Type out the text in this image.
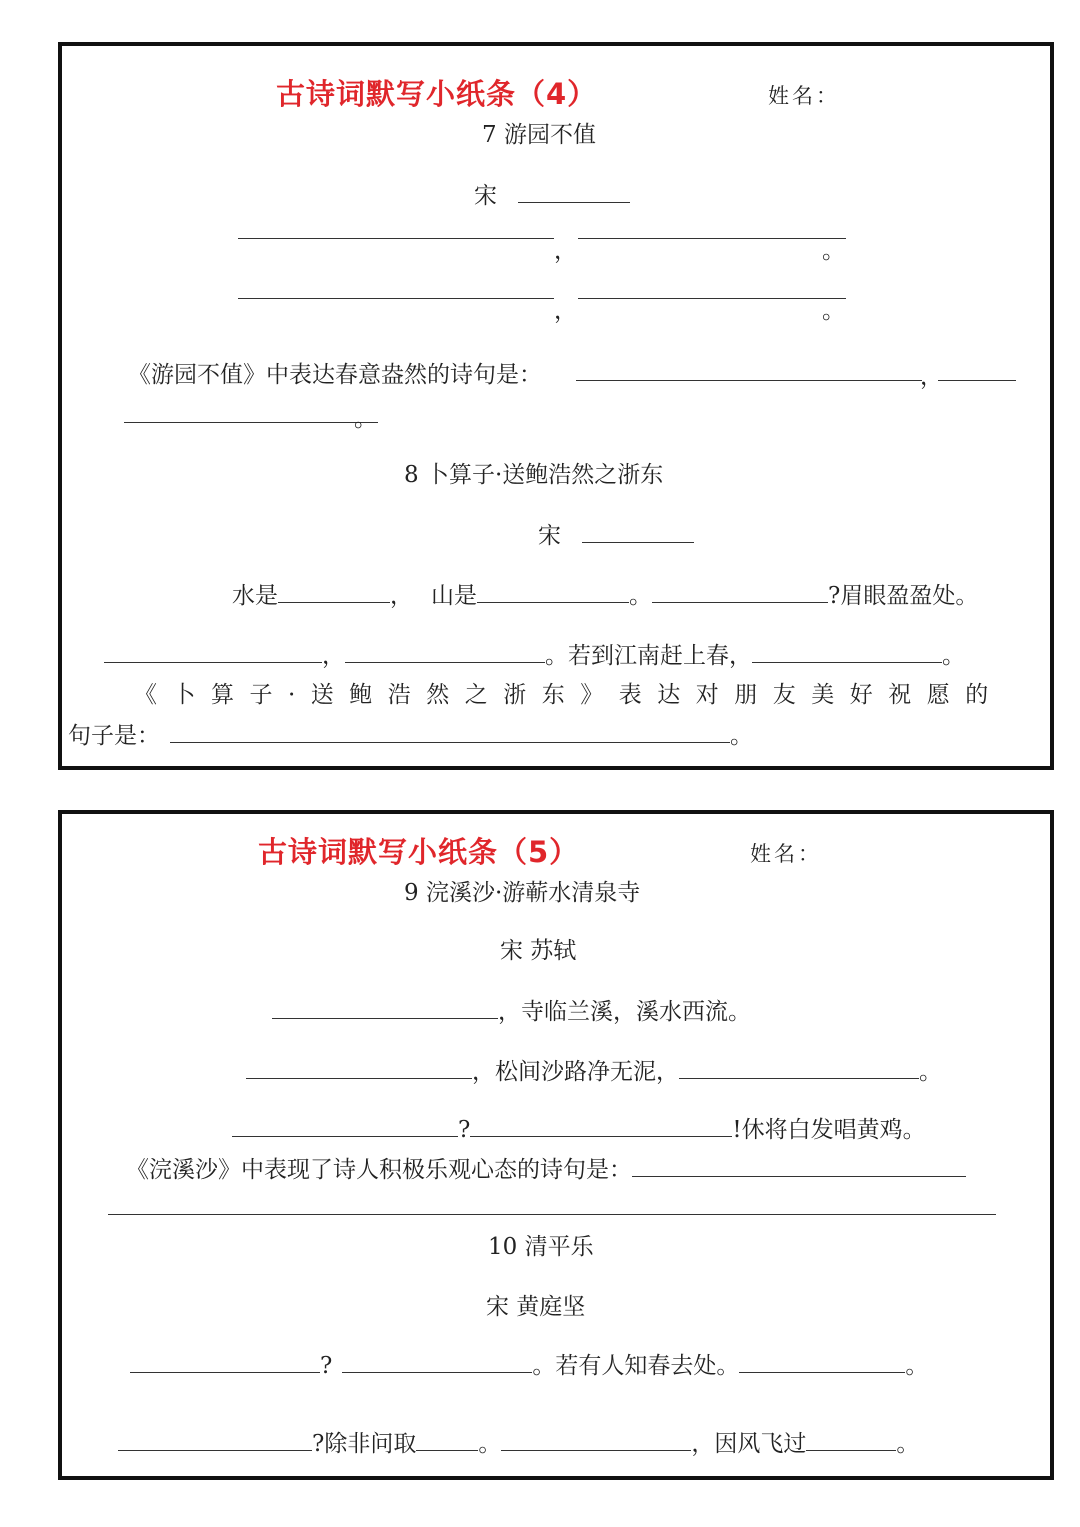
古诗词默写小纸条（4）	姓名：
7 游园不值
宋
，	。
，	。
《游园不值》中表达春意盎然的诗句是：	，
。
8 卜算子·送鲍浩然之浙东
宋
水是	， 山是	。	?眉眼盈盈处。
，	。若到江南赶上春，	。
《卜算子·送鲍浩然之浙东》表达对朋友美好祝愿的
句子是：	。
古诗词默写小纸条（5）	姓名：
9 浣溪沙·游蕲水清泉寺
宋 苏轼
，寺临兰溪，溪水西流。
，松间沙路净无泥，	。
?	!休将白发唱黄鸡。
《浣溪沙》中表现了诗人积极乐观心态的诗句是：
10 清平乐
宋 黄庭坚
?	。若有人知春去处。	。
?除非问取	。	，因风飞过	。
